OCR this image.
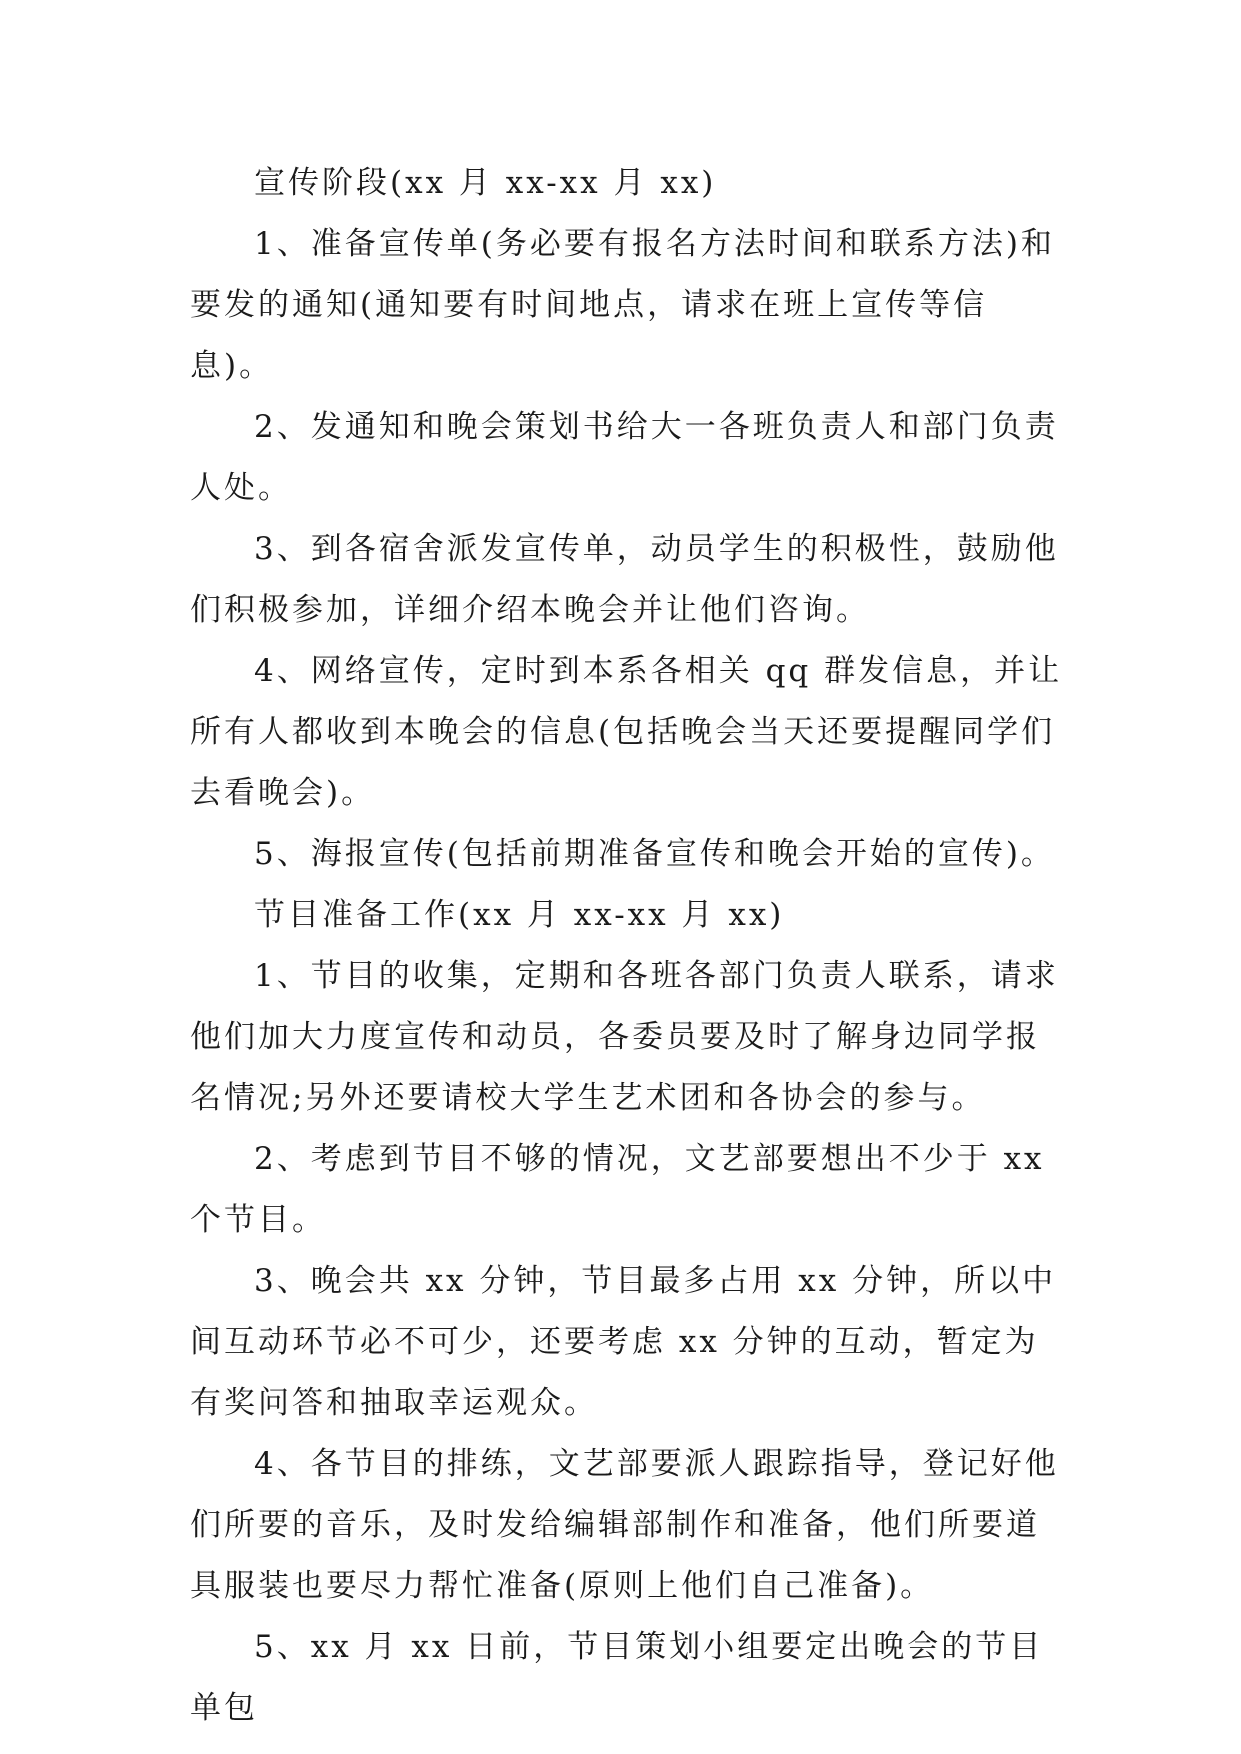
宣传阶段(xx 月 xx-xx 月 xx)

1、准备宣传单(务必要有报名方法时间和联系方法)和要发的通知(通知要有时间地点，请求在班上宣传等信息)。

2、发通知和晚会策划书给大一各班负责人和部门负责人处。

3、到各宿舍派发宣传单，动员学生的积极性，鼓励他们积极参加，详细介绍本晚会并让他们咨询。

4、网络宣传，定时到本系各相关 qq 群发信息，并让所有人都收到本晚会的信息(包括晚会当天还要提醒同学们去看晚会)。

5、海报宣传(包括前期准备宣传和晚会开始的宣传)。

节目准备工作(xx 月 xx-xx 月 xx)

1、节目的收集，定期和各班各部门负责人联系，请求他们加大力度宣传和动员，各委员要及时了解身边同学报名情况;另外还要请校大学生艺术团和各协会的参与。

2、考虑到节目不够的情况，文艺部要想出不少于 xx 个节目。

3、晚会共 xx 分钟，节目最多占用 xx 分钟，所以中间互动环节必不可少，还要考虑 xx 分钟的互动，暂定为有奖问答和抽取幸运观众。

4、各节目的排练，文艺部要派人跟踪指导，登记好他们所要的音乐，及时发给编辑部制作和准备，他们所要道具服装也要尽力帮忙准备(原则上他们自己准备)。

5、xx 月 xx 日前，节目策划小组要定出晚会的节目单包
